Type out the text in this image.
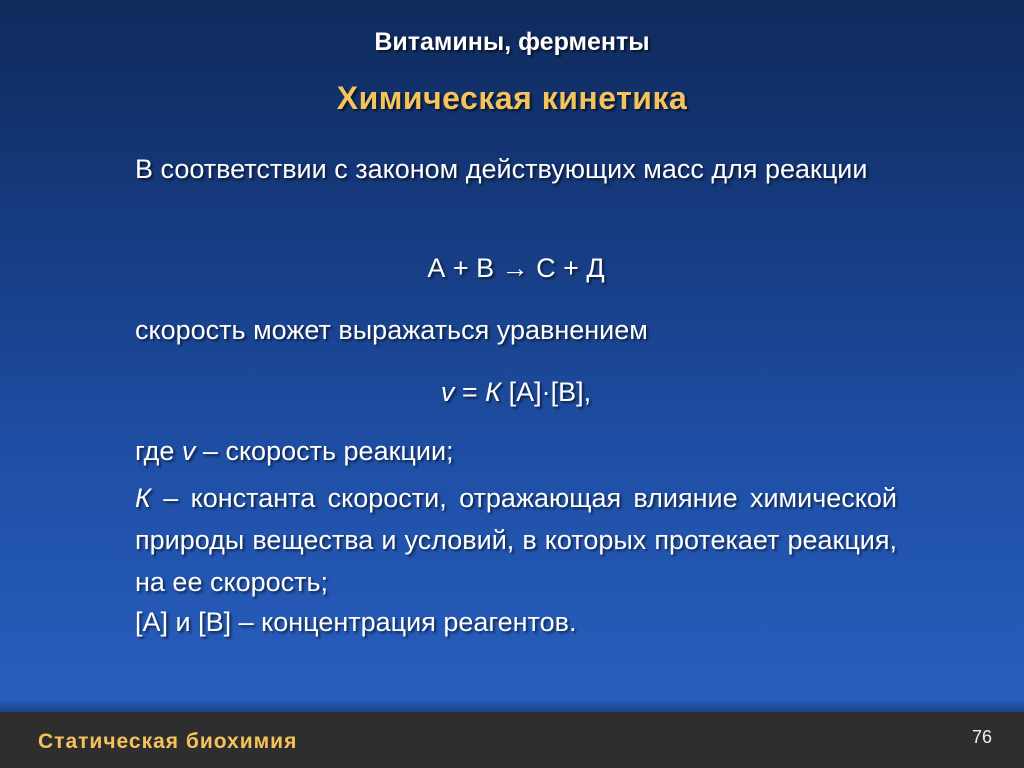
Витамины, ферменты
Химическая кинетика
В соответствии с законом действующих масс для реакции
А + В → С + Д
скорость может выражаться уравнением
v = К [А]·[В],
где v – скорость реакции;
К – константа скорости, отражающая влияние химической природы вещества и условий, в которых протекает реакция, на ее скорость;
[А] и [В] – концентрация реагентов.
Статическая биохимия	76
